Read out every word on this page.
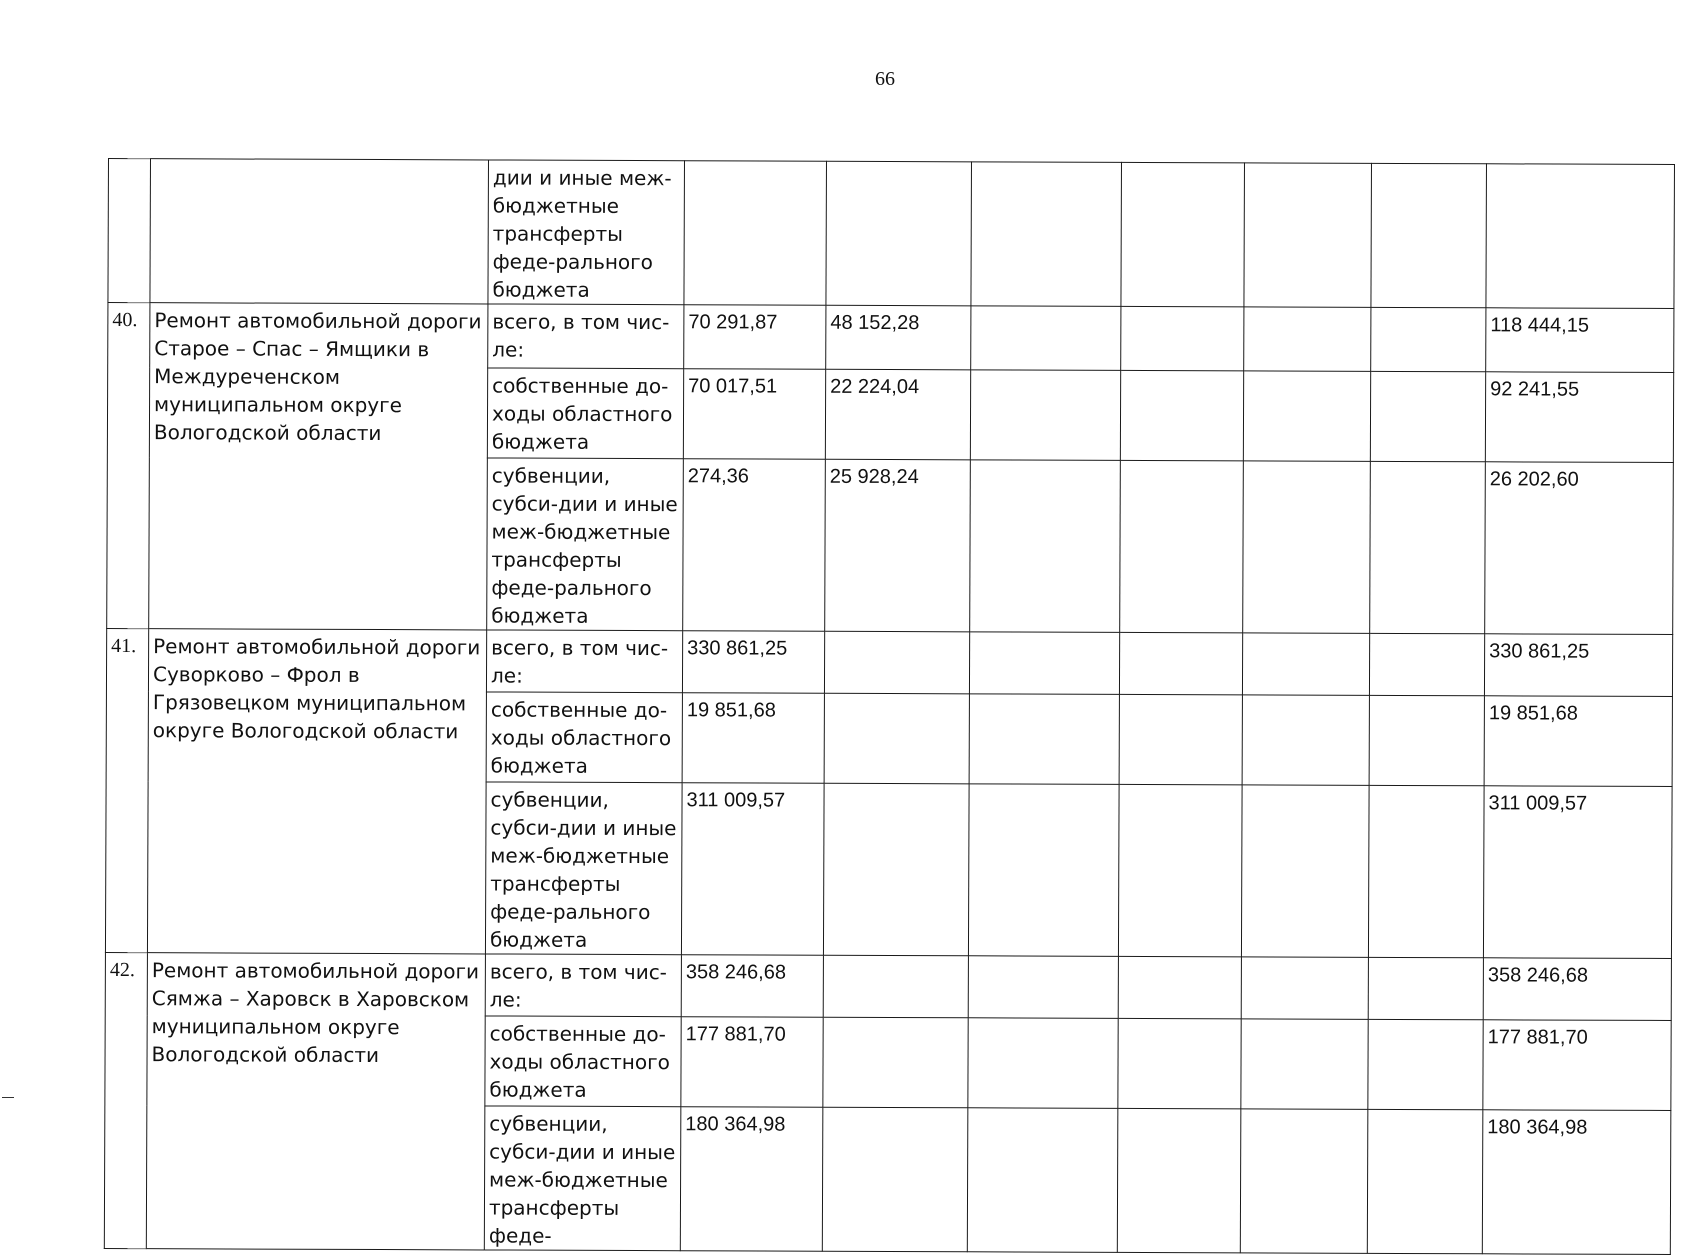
66
		дии и иные меж-бюджетные трансферты феде-рального бюджета							
40.	Ремонт автомобильной дороги Старое – Спас – Ямщики в Междуреченском муниципальном округе Вологодской области	всего, в том чис-ле:	70 291,87	48 152,28					118 444,15
		собственные до-ходы областного бюджета	70 017,51	22 224,04					92 241,55
		субвенции, субси-дии и иные меж-бюджетные трансферты феде-рального бюджета	274,36	25 928,24					26 202,60
41.	Ремонт автомобильной дороги Суворково – Фрол в Грязовецком муниципальном округе Вологодской области	всего, в том чис-ле:	330 861,25						330 861,25
		собственные до-ходы областного бюджета	19 851,68						19 851,68
		субвенции, субси-дии и иные меж-бюджетные трансферты феде-рального бюджета	311 009,57						311 009,57
42.	Ремонт автомобильной дороги Сямжа – Харовск в Харовском муниципальном округе Вологодской области	всего, в том чис-ле:	358 246,68						358 246,68
		собственные до-ходы областного бюджета	177 881,70						177 881,70
		субвенции, субси-дии и иные меж-бюджетные трансферты феде-	180 364,98						180 364,98
